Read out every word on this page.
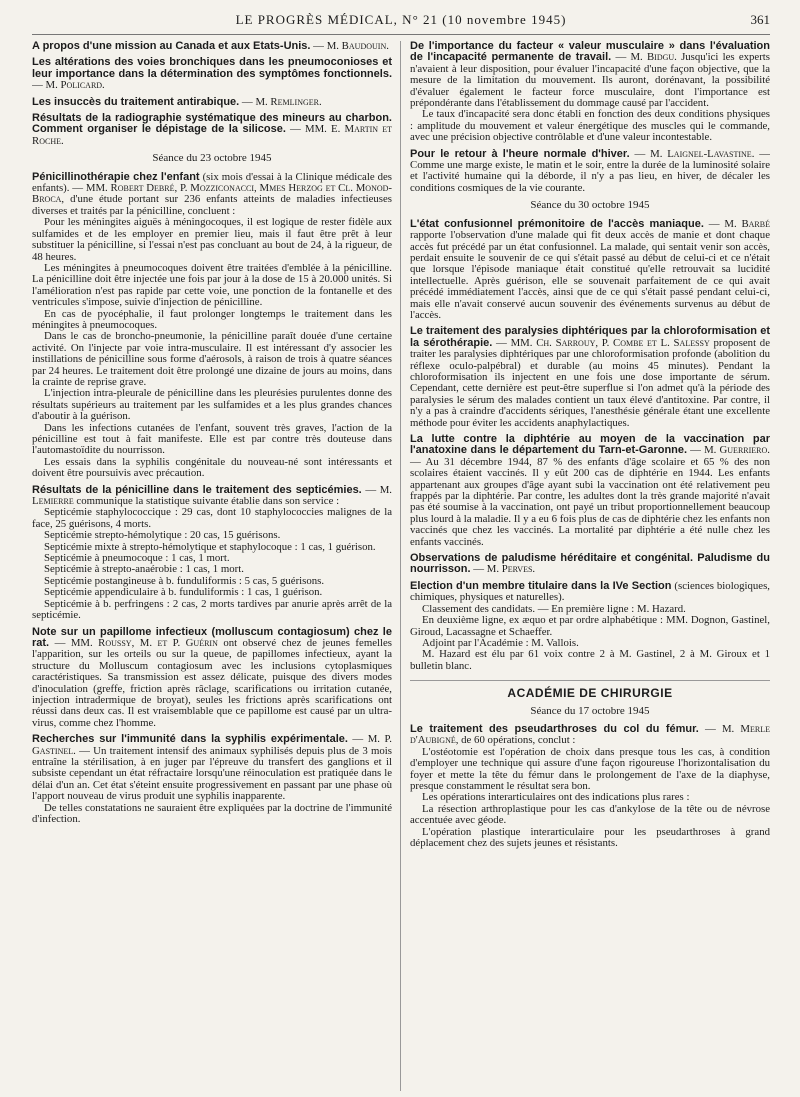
LE PROGRÈS MÉDICAL, N° 21 (10 novembre 1945)	361
A propos d'une mission au Canada et aux Etats-Unis. — M. Baudouin.
Les altérations des voies bronchiques dans les pneumoconioses et leur importance dans la détermination des symptômes fonctionnels. — M. Policard.
Les insuccès du traitement antirabique. — M. Remlinger.
Résultats de la radiographie systématique des mineurs au charbon. Comment organiser le dépistage de la silicose. — MM. E. Martin et Roche.
Séance du 23 octobre 1945

Pénicillinothérapie chez l'enfant (six mois d'essai à la Clinique médicale des enfants). — MM. Robert Debré, P. Mozziconacci, Mmes Herzog et Cl. Monod-Broca, d'une étude portant sur 236 enfants atteints de maladies infectieuses diverses et traités par la pénicilline, concluent :

Pour les méningites aiguës à méningocoques, il est logique de rester fidèle aux sulfamides et de les employer en premier lieu, mais il faut être prêt à leur substituer la pénicilline, si l'essai n'est pas concluant au bout de 24, à la rigueur, de 48 heures.

Les méningites à pneumocoques doivent être traitées d'emblée à la pénicilline. La pénicilline doit être injectée une fois par jour à la dose de 15 à 20.000 unités. Si l'amélioration n'est pas rapide par cette voie, une ponction de la fontanelle et des ventricules s'impose, suivie d'injection de pénicilline.

En cas de pyocéphalie, il faut prolonger longtemps le traitement dans les méningites à pneumocoques.

Dans le cas de broncho-pneumonie, la pénicilline paraît douée d'une certaine activité. On l'injecte par voie intra-musculaire. Il est intéressant d'y associer les instillations de pénicilline sous forme d'aérosols, à raison de trois à quatre séances par 24 heures. Le traitement doit être prolongé une dizaine de jours au moins, dans la crainte de reprise grave.

L'injection intra-pleurale de pénicilline dans les pleurésies purulentes donne des résultats supérieurs au traitement par les sulfamides et a les plus grandes chances d'aboutir à la guérison.

Dans les infections cutanées de l'enfant, souvent très graves, l'action de la pénicilline est tout à fait manifeste. Elle est par contre très douteuse dans l'automastoïdite du nourrisson.

Les essais dans la syphilis congénitale du nouveau-né sont intéressants et doivent être poursuivis avec précaution.

Résultats de la pénicilline dans le traitement des septicémies. — M. Lemierre communique la statistique suivante établie dans son service :

Septicémie staphylococcique : 29 cas, dont 10 staphylococcies malignes de la face, 25 guérisons, 4 morts.

Septicémie strepto-hémolytique : 20 cas, 15 guérisons.

Septicémie mixte à strepto-hémolytique et staphylocoque : 1 cas, 1 guérison.

Septicémie à pneumocoque : 1 cas, 1 mort.

Septicémie à strepto-anaérobie : 1 cas, 1 mort.

Septicémie postangineuse à b. funduliformis : 5 cas, 5 guérisons.

Septicémie appendiculaire à b. funduliformis : 1 cas, 1 guérison.

Septicémie à b. perfringens : 2 cas, 2 morts tardives par anurie après arrêt de la septicémie.

Note sur un papillome infectieux (molluscum contagiosum) chez le rat. — MM. Roussy, M. et P. Guérin ont observé chez de jeunes femelles l'apparition, sur les orteils ou sur la queue, de papillomes infectieux, ayant la structure du Molluscum contagiosum avec les inclusions cytoplasmiques caractéristiques. Sa transmission est assez délicate, puisque des divers modes d'inoculation (greffe, friction après râclage, scarifications ou irritation cutanée, injection intradermique de broyat), seules les frictions après scarifications ont réussi dans deux cas. Il est vraisemblable que ce papillome est causé par un ultra-virus, comme chez l'homme.

Recherches sur l'immunité dans la syphilis expérimentale. — M. P. Gastinel. — Un traitement intensif des animaux syphilisés depuis plus de 3 mois entraîne la stérilisation, à en juger par l'épreuve du transfert des ganglions et il subsiste cependant un état réfractaire lorsqu'une réinoculation est pratiquée dans le délai d'un an. Cet état s'éteint ensuite progressivement en passant par une phase où l'apport nouveau de virus produit une syphilis inapparente.

De telles constatations ne sauraient être expliquées par la doctrine de l'immunité d'infection.

De l'importance du facteur « valeur musculaire » dans l'évaluation de l'incapacité permanente de travail. — M. Bidgu. Jusqu'ici les experts n'avaient à leur disposition, pour évaluer l'incapacité d'une façon objective, que la mesure de la limitation du mouvement. Ils auront, dorénavant, la possibilité d'évaluer également le facteur force musculaire, dont l'importance est prépondérante dans l'établissement du dommage causé par l'accident.

Le taux d'incapacité sera donc établi en fonction des deux conditions physiques : amplitude du mouvement et valeur énergétique des muscles qui le commande, avec une précision objective contrôlable et d'une valeur incontestable.

Pour le retour à l'heure normale d'hiver. — M. Laignel-Lavastine. — Comme une marge existe, le matin et le soir, entre la durée de la luminosité solaire et l'activité humaine qui la déborde, il n'y a pas lieu, en hiver, de décaler les conditions cosmiques de la vie courante.

Séance du 30 octobre 1945

L'état confusionnel prémonitoire de l'accès maniaque. — M. Barbé rapporte l'observation d'une malade qui fit deux accès de manie et dont chaque accès fut précédé par un état confusionnel. La malade, qui sentait venir son accès, perdait ensuite le souvenir de ce qui s'était passé au début de celui-ci et ce n'était que lorsque l'épisode maniaque était constitué qu'elle retrouvait sa lucidité intellectuelle. Après guérison, elle se souvenait parfaitement de ce qui avait précédé immédiatement l'accès, ainsi que de ce qui s'était passé pendant celui-ci, mais elle n'avait conservé aucun souvenir des événements survenus au début de l'accès.

Le traitement des paralysies diphtériques par la chloroformisation et la sérothérapie. — MM. Ch. Sarrouy, P. Combe et L. Salessy proposent de traiter les paralysies diphtériques par une chloroformisation profonde (abolition du réflexe oculo-palpébral) et durable (au moins 45 minutes). Pendant la chloroformisation ils injectent en une fois une dose importante de sérum. Cependant, cette dernière est peut-être superflue si l'on admet qu'à la période des paralysies le sérum des malades contient un taux élevé d'antitoxine. Par contre, il n'y a pas à craindre d'accidents sériques, l'anesthésie générale étant une excellente méthode pour éviter les accidents anaphylactiques.

La lutte contre la diphtérie au moyen de la vaccination par l'anatoxine dans le département du Tarn-et-Garonne. — M. Guerriero. — Au 31 décembre 1944, 87 % des enfants d'âge scolaire et 65 % des non scolaires étaient vaccinés. Il y eût 200 cas de diphtérie en 1944. Les enfants appartenant aux groupes d'âge ayant subi la vaccination ont été relativement peu frappés par la diphtérie. Par contre, les adultes dont la très grande majorité n'avait pas été soumise à la vaccination, ont payé un tribut proportionnellement beaucoup plus lourd à la maladie. Il y a eu 6 fois plus de cas de diphtérie chez les enfants non vaccinés que chez les vaccinés. La mortalité par diphtérie a été nulle chez les enfants vaccinés.

Observations de paludisme héréditaire et congénital. Paludisme du nourrisson. — M. Perves.

Election d'un membre titulaire dans la IVe Section (sciences biologiques, chimiques, physiques et naturelles).

Classement des candidats. — En première ligne : M. Hazard.

En deuxième ligne, ex æquo et par ordre alphabétique : MM. Dognon, Gastinel, Giroud, Lacassagne et Schaeffer.

Adjoint par l'Académie : M. Vallois.

M. Hazard est élu par 61 voix contre 2 à M. Gastinel, 2 à M. Giroux et 1 bulletin blanc.

ACADÉMIE DE CHIRURGIE
Séance du 17 octobre 1945

Le traitement des pseudarthroses du col du fémur. — M. Merle d'Aubigné, de 60 opérations, conclut :

L'ostéotomie est l'opération de choix dans presque tous les cas, à condition d'employer une technique qui assure d'une façon rigoureuse l'horizontalisation du foyer et mette la tête du fémur dans le prolongement de l'axe de la diaphyse, presque constamment le résultat sera bon.

Les opérations interarticulaires ont des indications plus rares :

La résection arthroplastique pour les cas d'ankylose de la tête ou de névrose accentuée avec géode.

L'opération plastique interarticulaire pour les pseudarthroses à grand déplacement chez des sujets jeunes et résistants.
